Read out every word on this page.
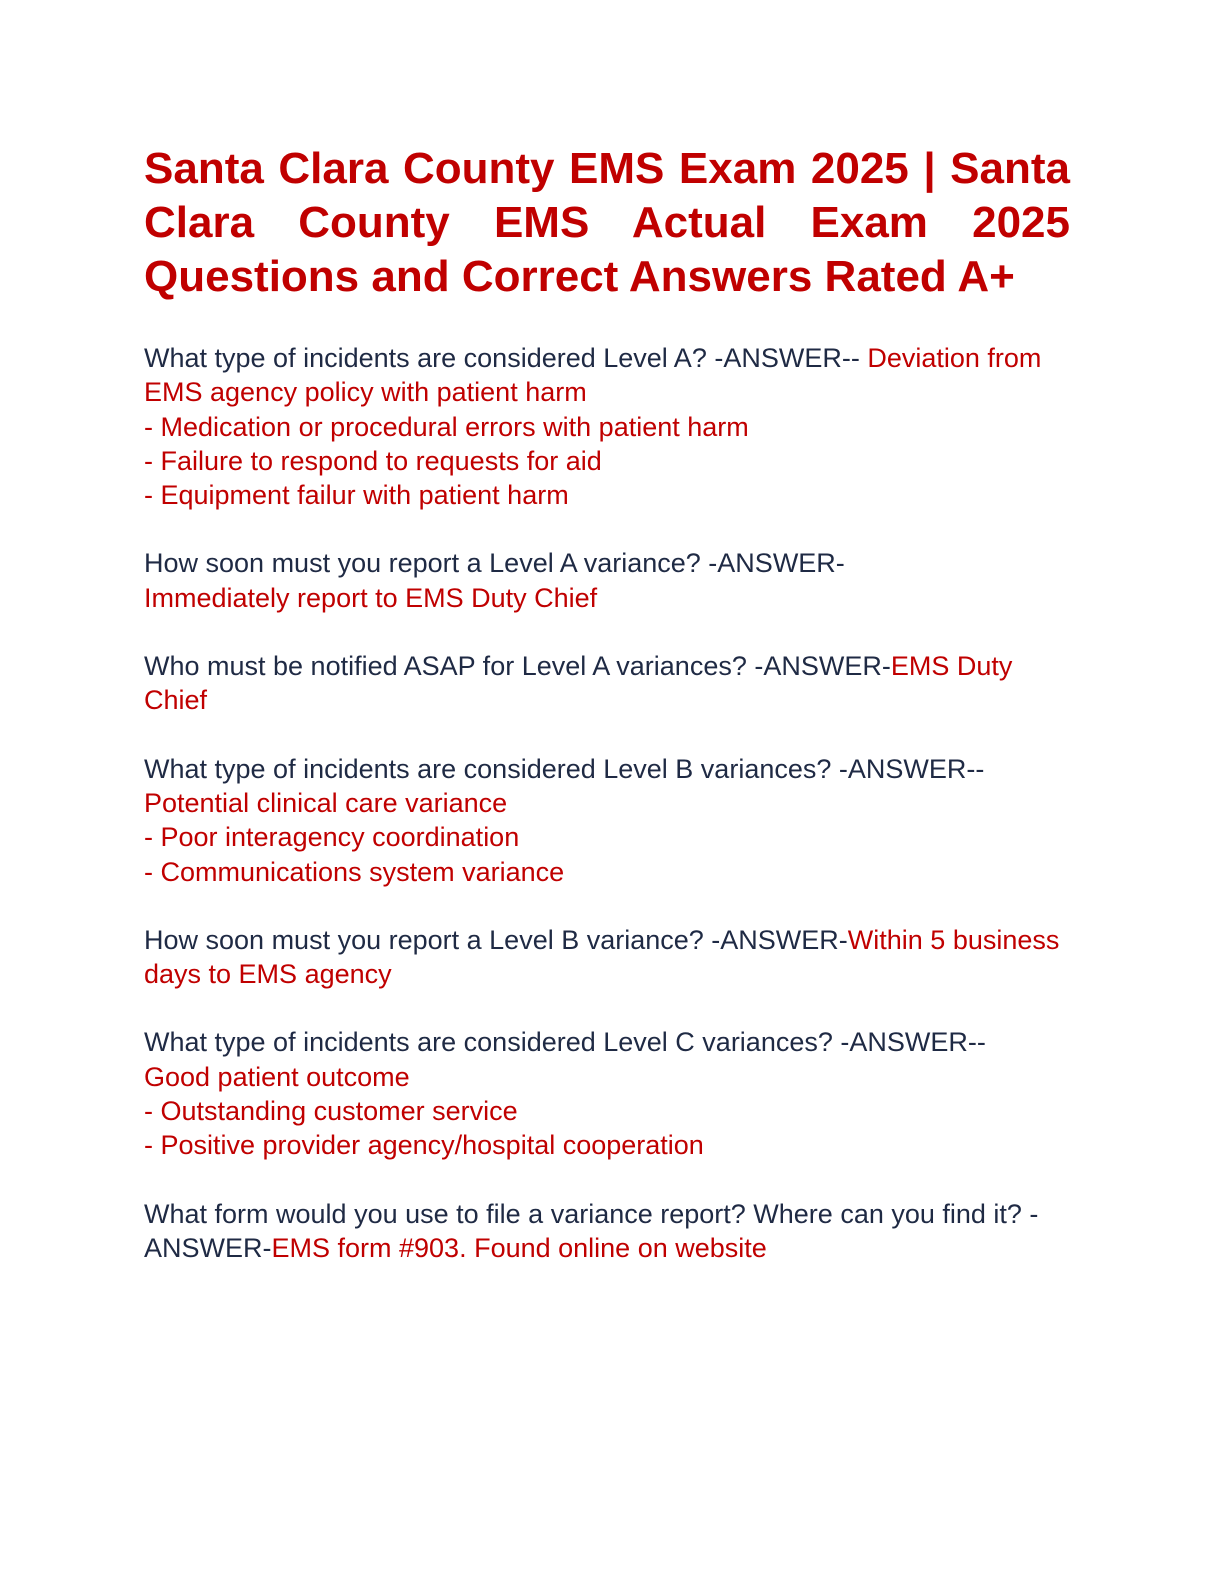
Santa Clara County EMS Exam 2025 | Santa Clara County EMS Actual Exam 2025 Questions and Correct Answers Rated A+

What type of incidents are considered Level A? -ANSWER-- Deviation from EMS agency policy with patient harm
- Medication or procedural errors with patient harm
- Failure to respond to requests for aid
- Equipment failur with patient harm

How soon must you report a Level A variance? -ANSWER-
Immediately report to EMS Duty Chief

Who must be notified ASAP for Level A variances? -ANSWER-EMS Duty Chief

What type of incidents are considered Level B variances? -ANSWER--
Potential clinical care variance
- Poor interagency coordination
- Communications system variance

How soon must you report a Level B variance? -ANSWER-Within 5 business days to EMS agency

What type of incidents are considered Level C variances? -ANSWER--
Good patient outcome
- Outstanding customer service
- Positive provider agency/hospital cooperation

What form would you use to file a variance report? Where can you find it? -ANSWER-EMS form #903. Found online on website
